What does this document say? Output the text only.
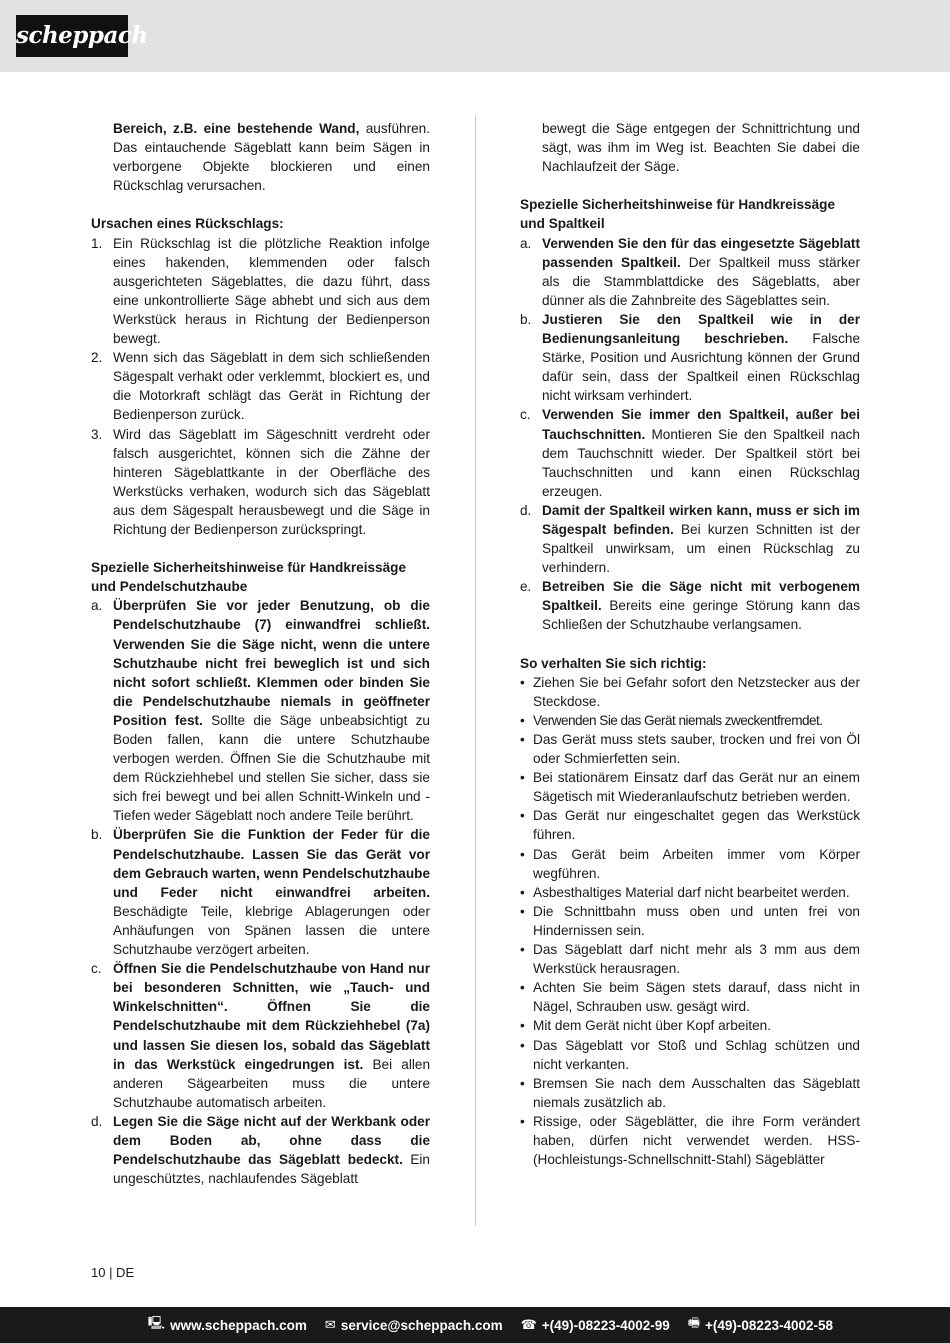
scheppach

Bereich, z.B. eine bestehende Wand, ausführen. Das eintauchende Sägeblatt kann beim Sägen in verborgene Objekte blockieren und einen Rückschlag verursachen.

Ursachen eines Rückschlags:

1. Ein Rückschlag ist die plötzliche Reaktion infolge eines hakenden, klemmenden oder falsch ausgerichteten Sägeblattes, die dazu führt, dass eine unkontrollierte Säge abhebt und sich aus dem Werkstück heraus in Richtung der Bedienperson bewegt.
2. Wenn sich das Sägeblatt in dem sich schließenden Sägespalt verhakt oder verklemmt, blockiert es, und die Motorkraft schlägt das Gerät in Richtung der Bedienperson zurück.
3. Wird das Sägeblatt im Sägeschnitt verdreht oder falsch ausgerichtet, können sich die Zähne der hinteren Sägeblattkante in der Oberfläche des Werkstücks verhaken, wodurch sich das Sägeblatt aus dem Sägespalt herausbewegt und die Säge in Richtung der Bedienperson zurückspringt.

Spezielle Sicherheitshinweise für Handkreissäge und Pendelschutzhaube

a. Überprüfen Sie vor jeder Benutzung, ob die Pendelschutzhaube (7) einwandfrei schließt. Verwenden Sie die Säge nicht, wenn die untere Schutzhaube nicht frei beweglich ist und sich nicht sofort schließt. Klemmen oder binden Sie die Pendelschutzhaube niemals in geöffneter Position fest. Sollte die Säge unbeabsichtigt zu Boden fallen, kann die untere Schutzhaube verbogen werden. Öffnen Sie die Schutzhaube mit dem Rückziehhebel und stellen Sie sicher, dass sie sich frei bewegt und bei allen Schnitt-Winkeln und -Tiefen weder Sägeblatt noch andere Teile berührt.
b. Überprüfen Sie die Funktion der Feder für die Pendelschutzhaube. Lassen Sie das Gerät vor dem Gebrauch warten, wenn Pendelschutzhaube und Feder nicht einwandfrei arbeiten. Beschädigte Teile, klebrige Ablagerungen oder Anhäufungen von Spänen lassen die untere Schutzhaube verzögert arbeiten.
c. Öffnen Sie die Pendelschutzhaube von Hand nur bei besonderen Schnitten, wie „Tauch- und Winkelschnitten“. Öffnen Sie die Pendelschutzhaube mit dem Rückziehhebel (7a) und lassen Sie diesen los, sobald das Sägeblatt in das Werkstück eingedrungen ist. Bei allen anderen Sägearbeiten muss die untere Schutzhaube automatisch arbeiten.
d. Legen Sie die Säge nicht auf der Werkbank oder dem Boden ab, ohne dass die Pendelschutzhaube das Sägeblatt bedeckt. Ein ungeschütztes, nachlaufendes Sägeblatt

bewegt die Säge entgegen der Schnittrichtung und sägt, was ihm im Weg ist. Beachten Sie dabei die Nachlaufzeit der Säge.

Spezielle Sicherheitshinweise für Handkreissäge und Spaltkeil

a. Verwenden Sie den für das eingesetzte Sägeblatt passenden Spaltkeil. Der Spaltkeil muss stärker als die Stammblattdicke des Sägeblatts, aber dünner als die Zahnbreite des Sägeblattes sein.
b. Justieren Sie den Spaltkeil wie in der Bedienungsanleitung beschrieben. Falsche Stärke, Position und Ausrichtung können der Grund dafür sein, dass der Spaltkeil einen Rückschlag nicht wirksam verhindert.
c. Verwenden Sie immer den Spaltkeil, außer bei Tauchschnitten. Montieren Sie den Spaltkeil nach dem Tauchschnitt wieder. Der Spaltkeil stört bei Tauchschnitten und kann einen Rückschlag erzeugen.
d. Damit der Spaltkeil wirken kann, muss er sich im Sägespalt befinden. Bei kurzen Schnitten ist der Spaltkeil unwirksam, um einen Rückschlag zu verhindern.
e. Betreiben Sie die Säge nicht mit verbogenem Spaltkeil. Bereits eine geringe Störung kann das Schließen der Schutzhaube verlangsamen.

So verhalten Sie sich richtig:

• Ziehen Sie bei Gefahr sofort den Netzstecker aus der Steckdose.
• Verwenden Sie das Gerät niemals zweckentfremdet.
• Das Gerät muss stets sauber, trocken und frei von Öl oder Schmierfetten sein.
• Bei stationärem Einsatz darf das Gerät nur an einem Sägetisch mit Wiederanlaufschutz betrieben werden.
• Das Gerät nur eingeschaltet gegen das Werkstück führen.
• Das Gerät beim Arbeiten immer vom Körper wegführen.
• Asbesthaltiges Material darf nicht bearbeitet werden.
• Die Schnittbahn muss oben und unten frei von Hindernissen sein.
• Das Sägeblatt darf nicht mehr als 3 mm aus dem Werkstück herausragen.
• Achten Sie beim Sägen stets darauf, dass nicht in Nägel, Schrauben usw. gesägt wird.
• Mit dem Gerät nicht über Kopf arbeiten.
• Das Sägeblatt vor Stoß und Schlag schützen und nicht verkanten.
• Bremsen Sie nach dem Ausschalten das Sägeblatt niemals zusätzlich ab.
• Rissige, oder Sägeblätter, die ihre Form verändert haben, dürfen nicht verwendet werden. HSS-(Hochleistungs-Schnellschnitt-Stahl) Sägeblätter
10 | DE
🖳 www.scheppach.com ✉ service@scheppach.com ☎ +(49)-08223-4002-99 🖷 +(49)-08223-4002-58
